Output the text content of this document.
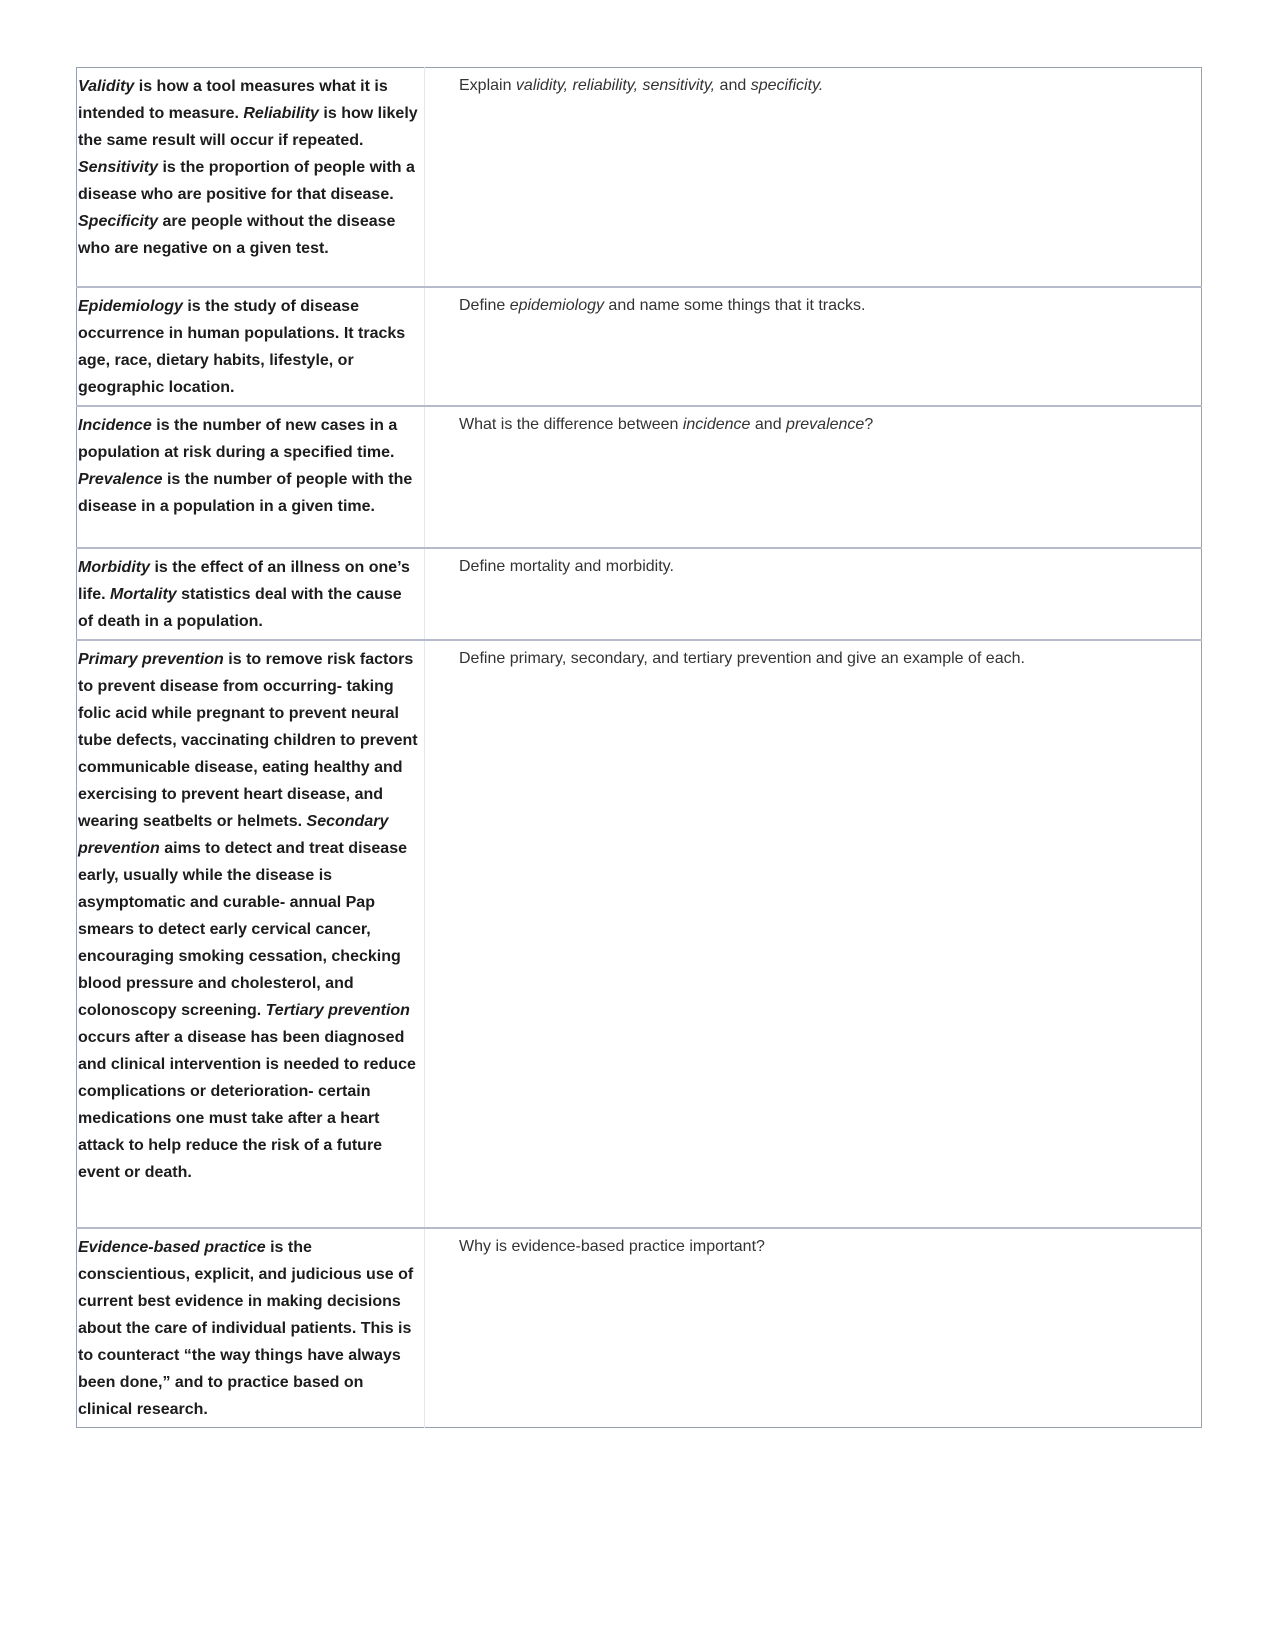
Validity is how a tool measures what it is intended to measure. Reliability is how likely the same result will occur if repeated. Sensitivity is the proportion of people with a disease who are positive for that disease. Specificity are people without the disease who are negative on a given test.	Explain validity, reliability, sensitivity, and specificity.
Epidemiology is the study of disease occurrence in human populations. It tracks age, race, dietary habits, lifestyle, or geographic location.	Define epidemiology and name some things that it tracks.
Incidence is the number of new cases in a population at risk during a specified time. Prevalence is the number of people with the disease in a population in a given time.	What is the difference between incidence and prevalence?
Morbidity is the effect of an illness on one’s life. Mortality statistics deal with the cause of death in a population.	Define mortality and morbidity.
Primary prevention is to remove risk factors to prevent disease from occurring- taking folic acid while pregnant to prevent neural tube defects, vaccinating children to prevent communicable disease, eating healthy and exercising to prevent heart disease, and wearing seatbelts or helmets. Secondary prevention aims to detect and treat disease early, usually while the disease is asymptomatic and curable- annual Pap smears to detect early cervical cancer, encouraging smoking cessation, checking blood pressure and cholesterol, and colonoscopy screening. Tertiary prevention occurs after a disease has been diagnosed and clinical intervention is needed to reduce complications or deterioration- certain medications one must take after a heart attack to help reduce the risk of a future event or death.	Define primary, secondary, and tertiary prevention and give an example of each.
Evidence-based practice is the conscientious, explicit, and judicious use of current best evidence in making decisions about the care of individual patients. This is to counteract “the way things have always been done,” and to practice based on clinical research.	Why is evidence-based practice important?
